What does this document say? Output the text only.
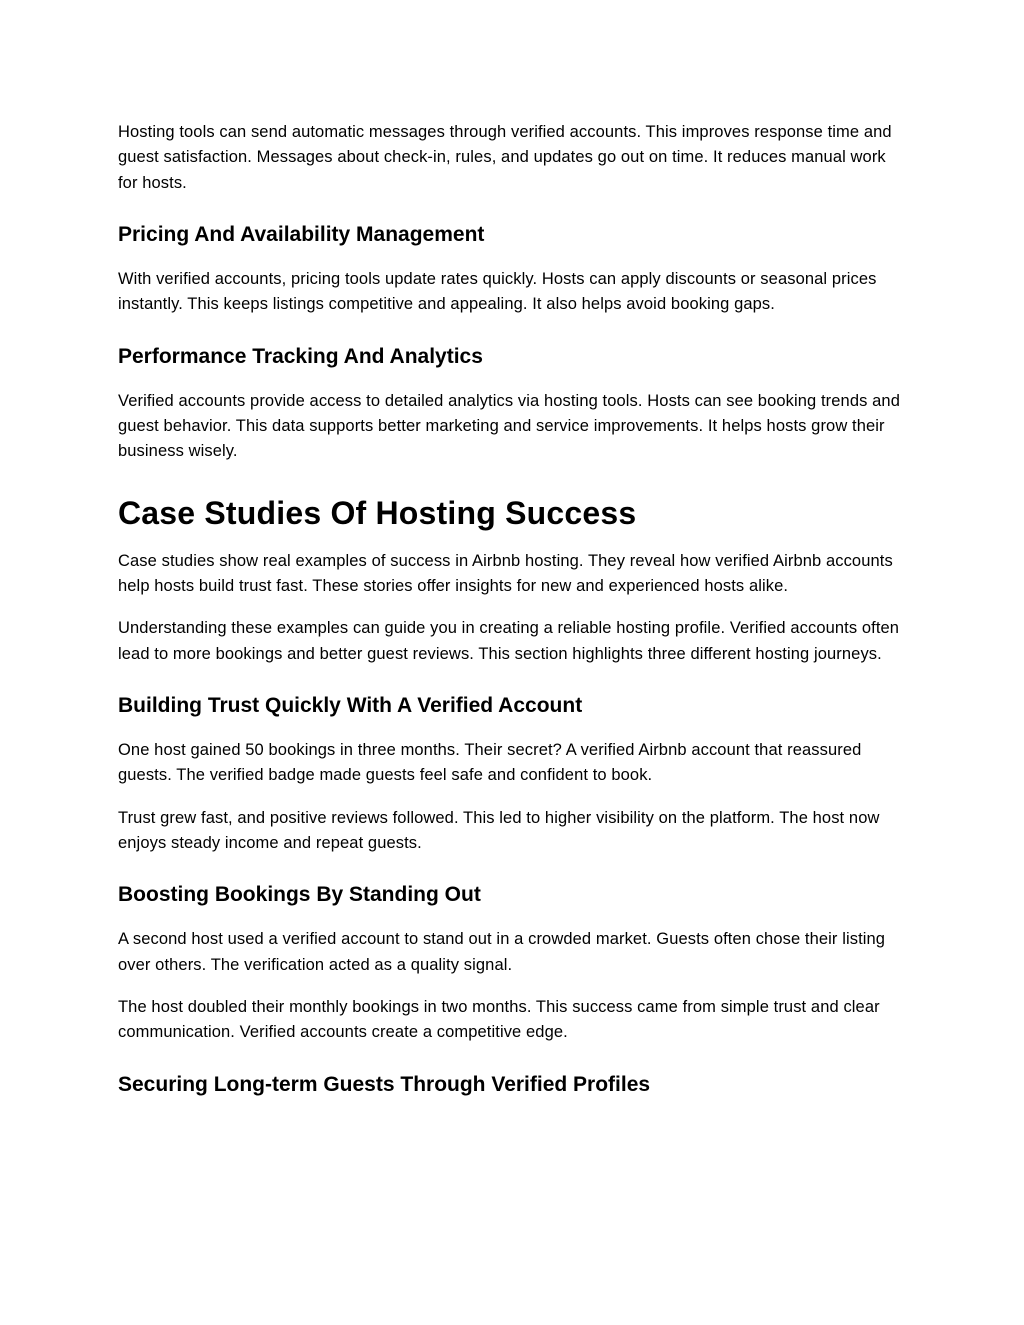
Hosting tools can send automatic messages through verified accounts. This improves response time and guest satisfaction. Messages about check-in, rules, and updates go out on time. It reduces manual work for hosts.

Pricing And Availability Management

With verified accounts, pricing tools update rates quickly. Hosts can apply discounts or seasonal prices instantly. This keeps listings competitive and appealing. It also helps avoid booking gaps.

Performance Tracking And Analytics

Verified accounts provide access to detailed analytics via hosting tools. Hosts can see booking trends and guest behavior. This data supports better marketing and service improvements. It helps hosts grow their business wisely.

Case Studies Of Hosting Success

Case studies show real examples of success in Airbnb hosting. They reveal how verified Airbnb accounts help hosts build trust fast. These stories offer insights for new and experienced hosts alike.

Understanding these examples can guide you in creating a reliable hosting profile. Verified accounts often lead to more bookings and better guest reviews. This section highlights three different hosting journeys.

Building Trust Quickly With A Verified Account

One host gained 50 bookings in three months. Their secret? A verified Airbnb account that reassured guests. The verified badge made guests feel safe and confident to book.

Trust grew fast, and positive reviews followed. This led to higher visibility on the platform. The host now enjoys steady income and repeat guests.

Boosting Bookings By Standing Out

A second host used a verified account to stand out in a crowded market. Guests often chose their listing over others. The verification acted as a quality signal.

The host doubled their monthly bookings in two months. This success came from simple trust and clear communication. Verified accounts create a competitive edge.

Securing Long-term Guests Through Verified Profiles
